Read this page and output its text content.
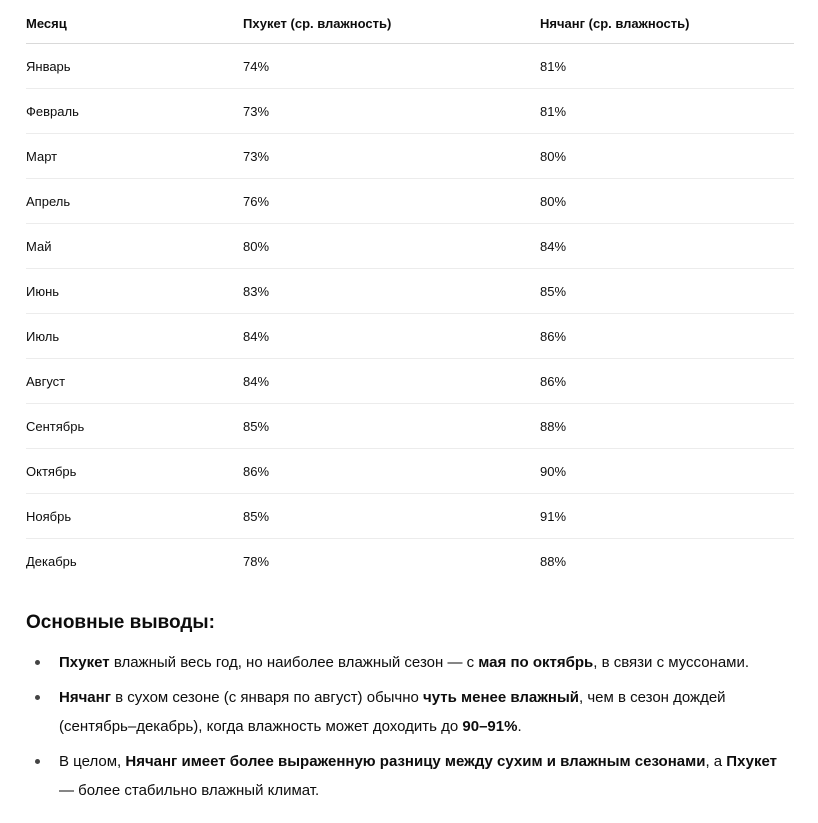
Месяц	Пхукет (ср. влажность)	Нячанг (ср. влажность)
Январь	74%	81%
Февраль	73%	81%
Март	73%	80%
Апрель	76%	80%
Май	80%	84%
Июнь	83%	85%
Июль	84%	86%
Август	84%	86%
Сентябрь	85%	88%
Октябрь	86%	90%
Ноябрь	85%	91%
Декабрь	78%	88%
Основные выводы:
Пхукет влажный весь год, но наиболее влажный сезон — с мая по октябрь, в связи с муссонами.
Нячанг в сухом сезоне (с января по август) обычно чуть менее влажный, чем в сезон дождей (сентябрь–декабрь), когда влажность может доходить до 90–91%.
В целом, Нячанг имеет более выраженную разницу между сухим и влажным сезонами, а Пхукет — более стабильно влажный климат.
